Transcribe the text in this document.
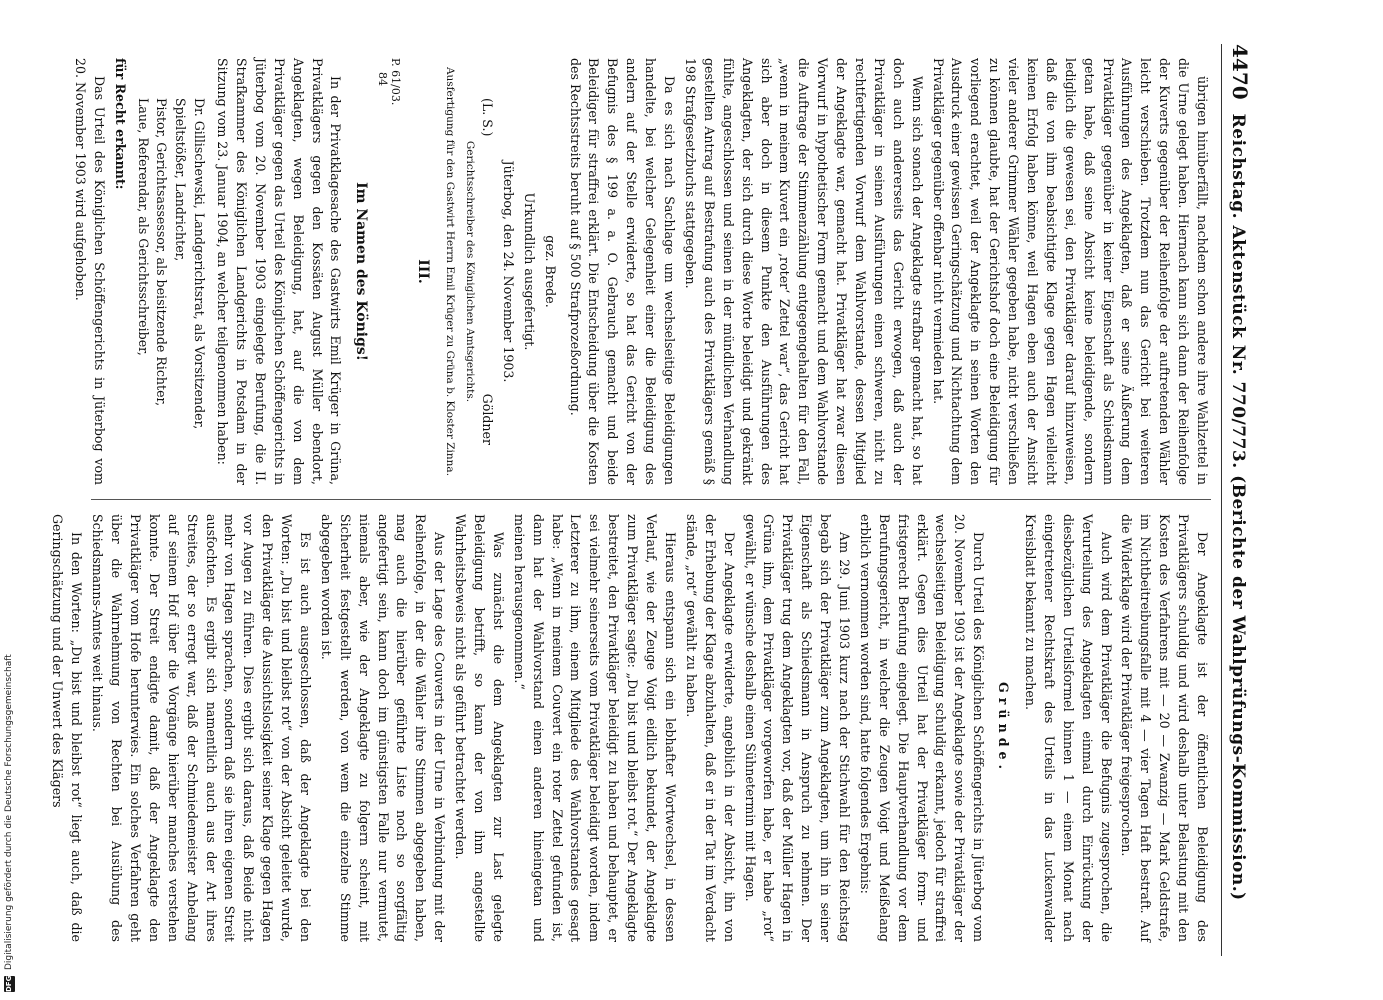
DFG
Digitalisierung gefördert durch die Deutsche Forschungsgemeinschaft
4470
Reichstag. Aktenstück Nr. 770/773. (Berichte der Wahlprüfungs-Kommission.)

übrigen hinüberfällt, nachdem schon andere ihre Wahlzettel in die Urne gelegt haben. Hiernach kann sich dann der Reihenfolge der Kuverts gegenüber der Reihenfolge der auftretenden Wähler leicht verschieben. Trotzdem nun das Gericht bei weiteren Ausführungen des Angeklagten, daß er seine Äußerung dem Privatkläger gegenüber in keiner Eigenschaft als Schiedsmann getan habe, daß seine Absicht keine beleidigende, sondern lediglich die gewesen sei, den Privatkläger darauf hinzuweisen, daß die von ihm beabsichtigte Klage gegen Hagen vielleicht keinen Erfolg haben könne, weil Hagen eben auch der Ansicht vieler anderer Grimmer Wähler gegeben habe, nicht verschließen zu können glaubte, hat der Gerichtshof doch eine Beleidigung für vorliegend erachtet, weil der Angeklagte in seinen Worten den Ausdruck einer gewissen Geringschätzung und Nichtachtung dem Privatkläger gegenüber offenbar nicht vermieden hat.

Wenn sich sonach der Angeklagte strafbar gemacht hat, so hat doch auch andererseits das Gericht erwogen, daß auch der Privatkläger in seinen Ausführungen einen schweren, nicht zu rechtfertigenden Vorwurf dem Wahlvorstande, dessen Mitglied der Angeklagte war, gemacht hat. Privatkläger hat zwar diesen Vorwurf in hypothetischer Form gemacht und dem Wahlvorstande die Auftrage der Stimmenzählung entgegengehalten für den Fall, „wenn in meinem Kuvert ein ‚roter‘ Zettel war“, das Gericht hat sich aber doch in diesem Punkte den Ausführungen des Angeklagten, der sich durch diese Worte beleidigt und gekränkt fühlte, angeschlossen und seinen in der mündlichen Verhandlung gestellten Antrag auf Bestrafung auch des Privatklägers gemäß § 198 Strafgesetzbuchs stattgegeben.

Da es sich nach Sachlage um wechselseitige Beleidigungen handelte, bei welcher Gelegenheit einer die Beleidigung des andern auf der Stelle erwiderte, so hat das Gericht von der Befugnis des § 199 a. a. O. Gebrauch gemacht und beide Beleidiger für straffrei erklärt. Die Entscheidung über die Kosten des Rechtsstreits beruht auf § 500 Strafprozeßordnung.

gez. Brede.

Urkundlich ausgefertigt.

Jüterbog, den 24. November 1903.

(L. S.)
Göldner

Gerichtsschreiber des Königlichen Amtsgerichts.

Ausfertigung für den Gastwirt Herrn Emil Krüger zu Grüna b. Kloster Zinna.

III.

P. 61/03.
84

Im Namen des Königs!

In der Privatklagesache des Gastwirts Emil Krüger in Grüna, Privatklägers gegen den Kossäten August Müller ebendort, Angeklagten, wegen Beleidigung, hat, auf die von dem Privatkläger gegen das Urteil des Königlichen Schöffengerichts in Jüterbog vom 20. November 1903 eingelegte Berufung, die II. Strafkammer des Königlichen Landgerichts in Potsdam in der Sitzung vom 23. Januar 1904, an welcher teilgenommen haben:

Dr. Gillischewski, Landgerichtsrat, als Vorsitzender,
Spieltstößer, Landrichter,
Pistor, Gerichtsassessor, als beisitzende Richter,
Laue, Referendar, als Gerichtsschreiber,

für Recht erkannt:

Das Urteil des Königlichen Schöffengerichts in Jüterbog vom 20. November 1903 wird aufgehoben.

Der Angeklagte ist der öffentlichen Beleidigung des Privatklägers schuldig und wird deshalb unter Belastung mit den Kosten des Verfahrens mit — 20 — Zwanzig — Mark Geldstrafe, im Nichtbeitreibungsfalle mit 4 — vier Tagen Haft bestraft. Auf die Widerklage wird der Privatkläger freigesprochen.

Auch wird dem Privatkläger die Befugnis zugesprochen, die Verurteilung des Angeklagten einmal durch Einrückung der diesbezüglichen Urteilsformel binnen 1 — einem Monat nach eingetretener Rechtskraft des Urteils in das Luckenwalder Kreisblatt bekannt zu machen.

Gründe.

Durch Urteil des Königlichen Schöffengerichts in Jüterbog vom 20. November 1903 ist der Angeklagte sowie der Privatkläger der wechselseitigen Beleidigung schuldig erkannt, jedoch für straffrei erklärt. Gegen dies Urteil hat der Privatkläger form- und fristgerecht Berufung eingelegt. Die Hauptverhandlung vor dem Berufungsgericht, in welcher die Zeugen Voigt und Meißelang erblich vernommen worden sind, hatte folgendes Ergebnis:

Am 29. Juni 1903 kurz nach der Stichwahl für den Reichstag begab sich der Privatkläger zum Angeklagten, um ihn in seiner Eigenschaft als Schiedsmann in Anspruch zu nehmen. Der Privatkläger trug dem Angeklagten vor, daß der Müller Hagen in Grüna ihm, dem Privatkläger vorgeworfen habe, er habe „rot“ gewählt, er wünsche deshalb einen Sühnetermin mit Hagen.

Der Angeklagte erwiderte, angeblich in der Absicht, ihn von der Erhebung der Klage abzuhalten, daß er in der Tat im Verdacht stände, „rot“ gewählt zu haben.

Hieraus entspann sich ein lebhafter Wortwechsel, in dessen Verlauf, wie der Zeuge Voigt eidlich bekundet, der Angeklagte zum Privatkläger sagte: „Du bist und bleibst rot.“ Der Angeklagte bestreitet, den Privatkläger beleidigt zu haben und behauptet, er sei vielmehr seinerseits vom Privatkläger beleidigt worden, indem Letzterer zu ihm, einem Mitgliede des Wahlvorstandes gesagt habe: „Wenn in meinem Couvert ein roter Zettel gefunden ist, dann hat der Wahlvorstand einen anderen hineingetan und meinen herausgenommen.“

Was zunächst die dem Angeklagten zur Last gelegte Beleidigung betrifft, so kann der von ihm angestellte Wahrheitsbeweis nicht als geführt betrachtet werden.

Aus der Lage des Couverts in der Urne in Verbindung mit der Reihenfolge, in der die Wähler ihre Stimmen abgegeben haben, mag auch die hierüber geführte Liste noch so sorgfältig angefertigt sein, kann doch im günstigsten Falle nur vermutet, niemals aber, wie der Angeklagte zu folgern scheint, mit Sicherheit festgestellt werden, von wem die einzelne Stimme abgegeben worden ist.

Es ist auch ausgeschlossen, daß der Angeklagte bei den Worten: „Du bist und bleibst rot“ von der Absicht geleitet wurde, den Privatkläger die Aussichtslosigkeit seiner Klage gegen Hagen vor Augen zu führen. Dies ergibt sich daraus, daß Beide nicht mehr von Hagen sprachen, sondern daß sie ihren eigenen Streit ausfochten. Es ergibt sich namentlich auch aus der Art ihres Streites, der so erregt war, daß der Schmiedemeister Anbelang auf seinem Hof über die Vorgänge hierüber manches verstehen konnte. Der Streit endigte damit, daß der Angeklagte den Privatkläger vom Hofe herunterwies. Ein solches Verfahren geht über die Wahrnehmung von Rechten bei Ausübung des Schiedsmanns-Amtes weit hinaus.

In den Worten: „Du bist und bleibst rot“ liegt auch, daß die Geringschätzung und der Unwert des Klägers
